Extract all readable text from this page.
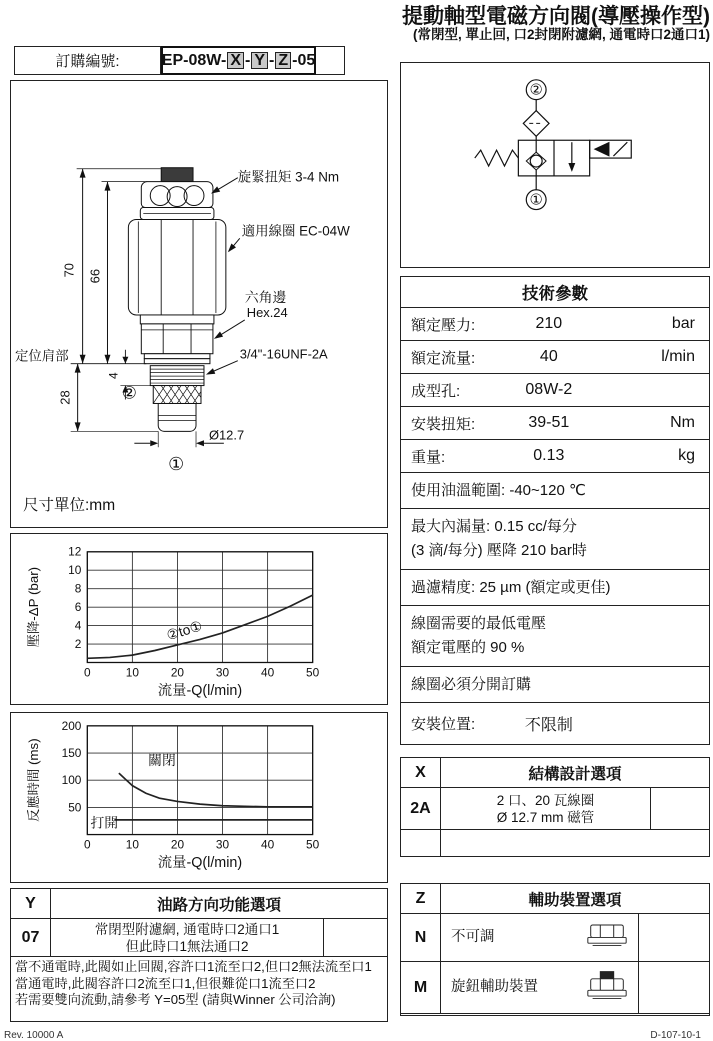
提動軸型電磁方向閥(導壓操作型)
(常閉型, 單止回, 口2封閉附濾網, 通電時口2通口1)
訂購編號:	EP-08W- X - Y - Z -05
旋緊扭矩 3-4 Nm
適用線圈 EC-04W
六角邊
Hex.24
3/4"-16UNF-2A
定位肩部
Ø12.7
70 66
28
4
②
①
尺寸單位:mm
②
①
技術參數
額定壓力:	210	bar
額定流量:	40	l/min
成型孔:	08W-2
安裝扭矩:	39-51	Nm
重量:	0.13	kg
使用油溫範圍: -40~120 ℃
最大內漏量: 0.15 cc/每分
(3 滴/每分) 壓降 210 bar時
過濾精度: 25 µm (額定或更佳)
線圈需要的最低電壓
額定電壓的 90 %
線圈必須分開訂購
安裝位置:	不限制
0	10	20	30	40	50
2
4
6
8
10
12
②to①
流量-Q(l/min)
壓降-ΔP (bar)
0	10	20	30	40	50
50
100
150
200
關閉
打開
流量-Q(l/min)
反應時間 (ms)
Y	油路方向功能選項
07	常閉型附濾網, 通電時口2通口1
但此時口1無法通口2
當不通電時,此閥如止回閥,容許口1流至口2,但口2無法流至口1
當通電時,此閥容許口2流至口1,但很難從口1流至口2
若需要雙向流動,請參考 Y=05型 (請與Winner 公司洽詢)
X	結構設計選項
2A	2 口、20 瓦線圈
Ø 12.7 mm 磁管
Z	輔助裝置選項
N	不可調
M	旋鈕輔助裝置
Rev. 10000 A	D-107-10-1
